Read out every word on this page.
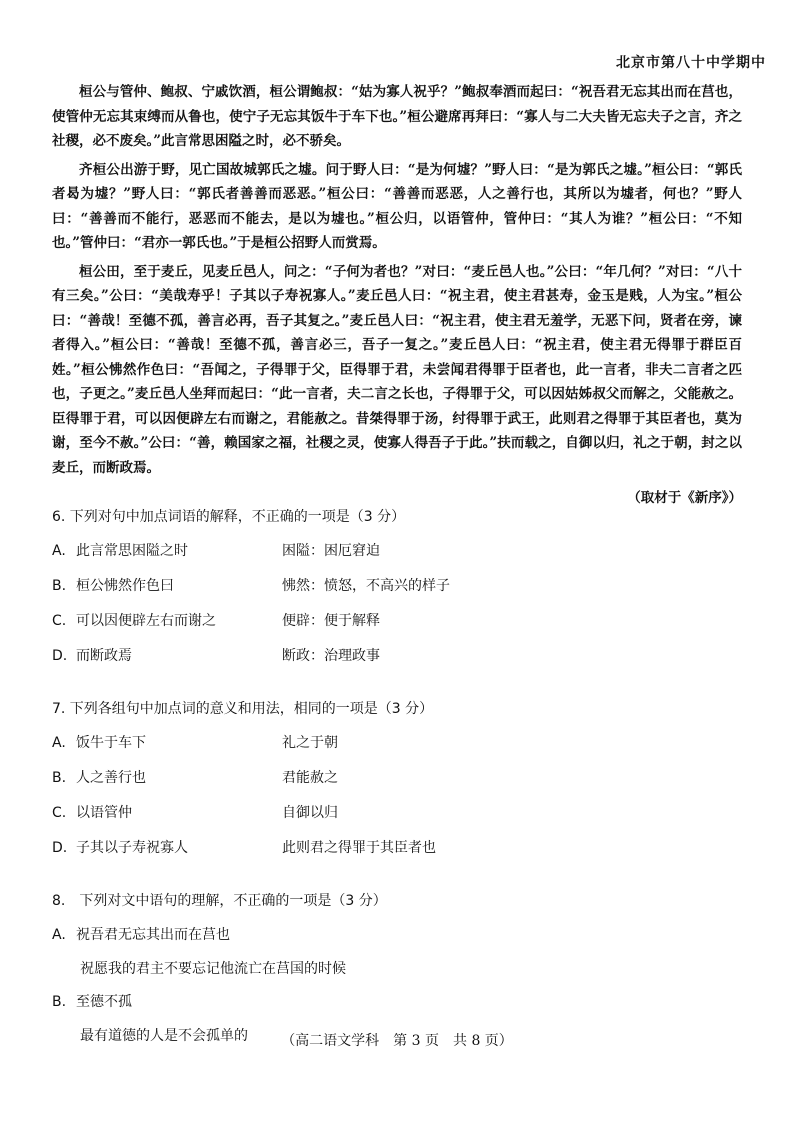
北京市第八十中学期中

桓公与管仲、鲍叔、宁戚饮酒，桓公谓鲍叔：“姑为寡人祝乎？”鲍叔奉酒而起曰：“祝吾君无忘其出而在莒也，使管仲无忘其束缚而从鲁也，使宁子无忘其饭牛于车下也。”桓公避席再拜曰：“寡人与二大夫皆无忘夫子之言，齐之社稷，必不废矣。”此言常思困隘之时，必不骄矣。

齐桓公出游于野，见亡国故城郭氏之墟。问于野人曰：“是为何墟？”野人曰：“是为郭氏之墟。”桓公曰：“郭氏者曷为墟？”野人曰：“郭氏者善善而恶恶。”桓公曰：“善善而恶恶，人之善行也，其所以为墟者，何也？”野人曰：“善善而不能行，恶恶而不能去，是以为墟也。”桓公归，以语管仲，管仲曰：“其人为谁？”桓公曰：“不知也。”管仲曰：“君亦一郭氏也。”于是桓公招野人而赏焉。

桓公田，至于麦丘，见麦丘邑人，问之：“子何为者也？”对曰：“麦丘邑人也。”公曰：“年几何？”对曰：“八十有三矣。”公曰：“美哉寿乎！子其以子寿祝寡人。”麦丘邑人曰：“祝主君，使主君甚寿，金玉是贱，人为宝。”桓公曰：“善哉！至德不孤，善言必再，吾子其复之。”麦丘邑人曰：“祝主君，使主君无羞学，无恶下问，贤者在旁，谏者得入。”桓公曰：“善哉！至德不孤，善言必三，吾子一复之。”麦丘邑人曰：“祝主君，使主君无得罪于群臣百姓。”桓公怫然作色曰：“吾闻之，子得罪于父，臣得罪于君，未尝闻君得罪于臣者也，此一言者，非夫二言者之匹也，子更之。”麦丘邑人坐拜而起曰：“此一言者，夫二言之长也，子得罪于父，可以因姑姊叔父而解之，父能赦之。臣得罪于君，可以因便辟左右而谢之，君能赦之。昔桀得罪于汤，纣得罪于武王，此则君之得罪于其臣者也，莫为谢，至今不赦。”公曰：“善，赖国家之福，社稷之灵，使寡人得吾子于此。”扶而载之，自御以归，礼之于朝，封之以麦丘，而断政焉。

（取材于《新序》）
6. 下列对句中加点词语的解释，不正确的一项是（3 分）
A. 此言常思困隘之时	困隘：困厄窘迫
B. 桓公怫然作色曰	怫然：愤怒，不高兴的样子
C. 可以因便辟左右而谢之	便辟：便于解释
D. 而断政焉	断政：治理政事
7. 下列各组句中加点词的意义和用法，相同的一项是（3 分）
A. 饭牛于车下	礼之于朝
B. 人之善行也	君能赦之
C. 以语管仲	自御以归
D. 子其以子寿祝寡人	此则君之得罪于其臣者也
8.　下列对文中语句的理解，不正确的一项是（3 分）
A. 祝吾君无忘其出而在莒也
祝愿我的君主不要忘记他流亡在莒国的时候
B. 至德不孤
最有道德的人是不会孤单的	（高二语文学科　第 3 页　共 8 页）
